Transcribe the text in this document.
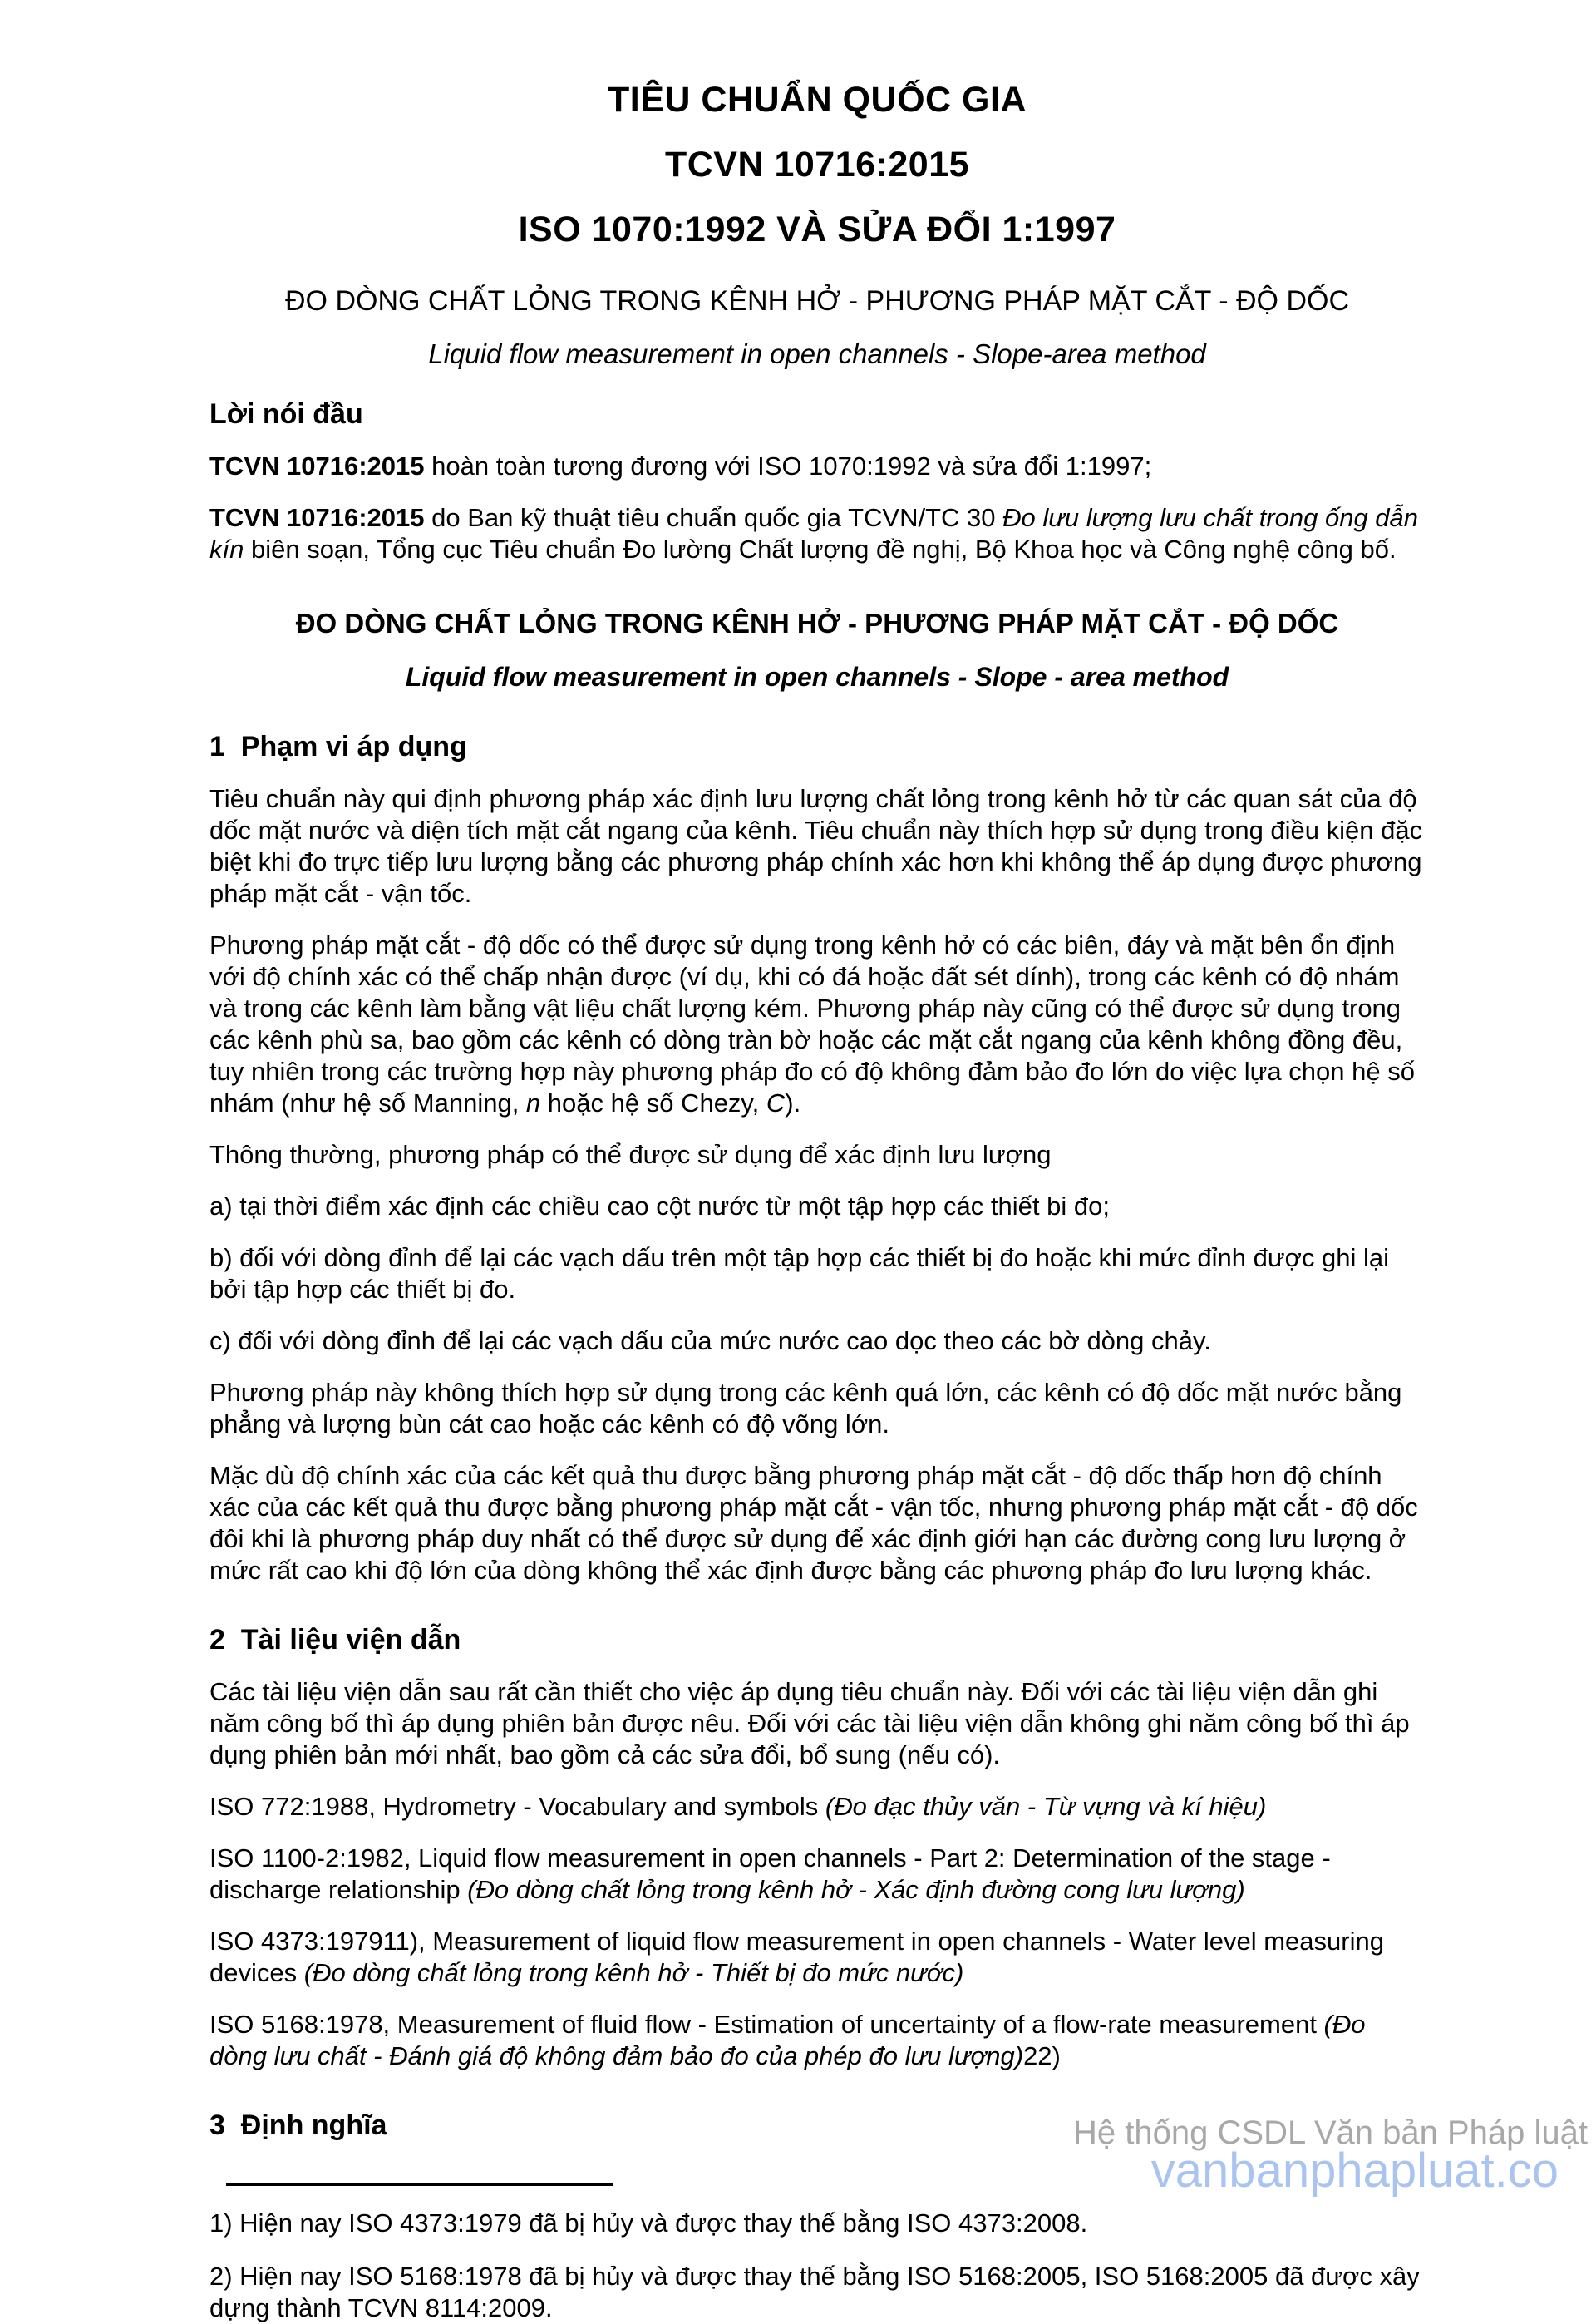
TIÊU CHUẨN QUỐC GIA
TCVN 10716:2015
ISO 1070:1992 VÀ SỬA ĐỔI 1:1997
ĐO DÒNG CHẤT LỎNG TRONG KÊNH HỞ - PHƯƠNG PHÁP MẶT CẮT - ĐỘ DỐC
Liquid flow measurement in open channels - Slope-area method
Lời nói đầu

TCVN 10716:2015 hoàn toàn tương đương với ISO 1070:1992 và sửa đổi 1:1997;

TCVN 10716:2015 do Ban kỹ thuật tiêu chuẩn quốc gia TCVN/TC 30 Đo lưu lượng lưu chất trong ống dẫn kín biên soạn, Tổng cục Tiêu chuẩn Đo lường Chất lượng đề nghị, Bộ Khoa học và Công nghệ công bố.

ĐO DÒNG CHẤT LỎNG TRONG KÊNH HỞ - PHƯƠNG PHÁP MẶT CẮT - ĐỘ DỐC
Liquid flow measurement in open channels - Slope - area method
1  Phạm vi áp dụng

Tiêu chuẩn này qui định phương pháp xác định lưu lượng chất lỏng trong kênh hở từ các quan sát của độ dốc mặt nước và diện tích mặt cắt ngang của kênh. Tiêu chuẩn này thích hợp sử dụng trong điều kiện đặc biệt khi đo trực tiếp lưu lượng bằng các phương pháp chính xác hơn khi không thể áp dụng được phương pháp mặt cắt - vận tốc.

Phương pháp mặt cắt - độ dốc có thể được sử dụng trong kênh hở có các biên, đáy và mặt bên ổn định với độ chính xác có thể chấp nhận được (ví dụ, khi có đá hoặc đất sét dính), trong các kênh có độ nhám và trong các kênh làm bằng vật liệu chất lượng kém. Phương pháp này cũng có thể được sử dụng trong các kênh phù sa, bao gồm các kênh có dòng tràn bờ hoặc các mặt cắt ngang của kênh không đồng đều, tuy nhiên trong các trường hợp này phương pháp đo có độ không đảm bảo đo lớn do việc lựa chọn hệ số nhám (như hệ số Manning, n hoặc hệ số Chezy, C).

Thông thường, phương pháp có thể được sử dụng để xác định lưu lượng

a) tại thời điểm xác định các chiều cao cột nước từ một tập hợp các thiết bi đo;

b) đối với dòng đỉnh để lại các vạch dấu trên một tập hợp các thiết bị đo hoặc khi mức đỉnh được ghi lại bởi tập hợp các thiết bị đo.

c) đối với dòng đỉnh để lại các vạch dấu của mức nước cao dọc theo các bờ dòng chảy.

Phương pháp này không thích hợp sử dụng trong các kênh quá lớn, các kênh có độ dốc mặt nước bằng phẳng và lượng bùn cát cao hoặc các kênh có độ võng lớn.

Mặc dù độ chính xác của các kết quả thu được bằng phương pháp mặt cắt - độ dốc thấp hơn độ chính xác của các kết quả thu được bằng phương pháp mặt cắt - vận tốc, nhưng phương pháp mặt cắt - độ dốc đôi khi là phương pháp duy nhất có thể được sử dụng để xác định giới hạn các đường cong lưu lượng ở mức rất cao khi độ lớn của dòng không thể xác định được bằng các phương pháp đo lưu lượng khác.

2  Tài liệu viện dẫn

Các tài liệu viện dẫn sau rất cần thiết cho việc áp dụng tiêu chuẩn này. Đối với các tài liệu viện dẫn ghi năm công bố thì áp dụng phiên bản được nêu. Đối với các tài liệu viện dẫn không ghi năm công bố thì áp dụng phiên bản mới nhất, bao gồm cả các sửa đổi, bổ sung (nếu có).

ISO 772:1988, Hydrometry - Vocabulary and symbols (Đo đạc thủy văn - Từ vựng và kí hiệu)

ISO 1100-2:1982, Liquid flow measurement in open channels - Part 2: Determination of the stage - discharge relationship (Đo dòng chất lỏng trong kênh hở - Xác định đường cong lưu lượng)

ISO 4373:197911), Measurement of liquid flow measurement in open channels - Water level measuring devices (Đo dòng chất lỏng trong kênh hở - Thiết bị đo mức nước)

ISO 5168:1978, Measurement of fluid flow - Estimation of uncertainty of a flow-rate measurement (Đo dòng lưu chất - Đánh giá độ không đảm bảo đo của phép đo lưu lượng)22)

3  Định nghĩa

1) Hiện nay ISO 4373:1979 đã bị hủy và được thay thế bằng ISO 4373:2008.

2) Hiện nay ISO 5168:1978 đã bị hủy và được thay thế bằng ISO 5168:2005, ISO 5168:2005 đã được xây dựng thành TCVN 8114:2009.

Hệ thống CSDL Văn bản Pháp luật
vanbanphapluat.co
